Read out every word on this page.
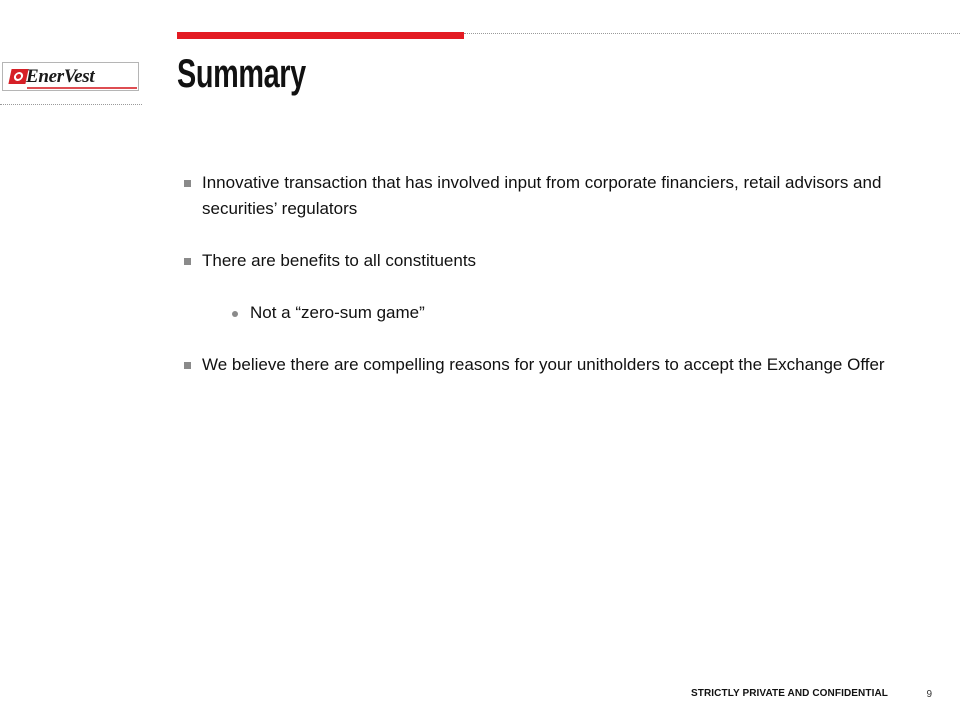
EnerVest Summary
Innovative transaction that has involved input from corporate financiers, retail advisors and securities’ regulators
There are benefits to all constituents
Not a “zero-sum game”
We believe there are compelling reasons for your unitholders to accept the Exchange Offer
STRICTLY PRIVATE AND CONFIDENTIAL	9
